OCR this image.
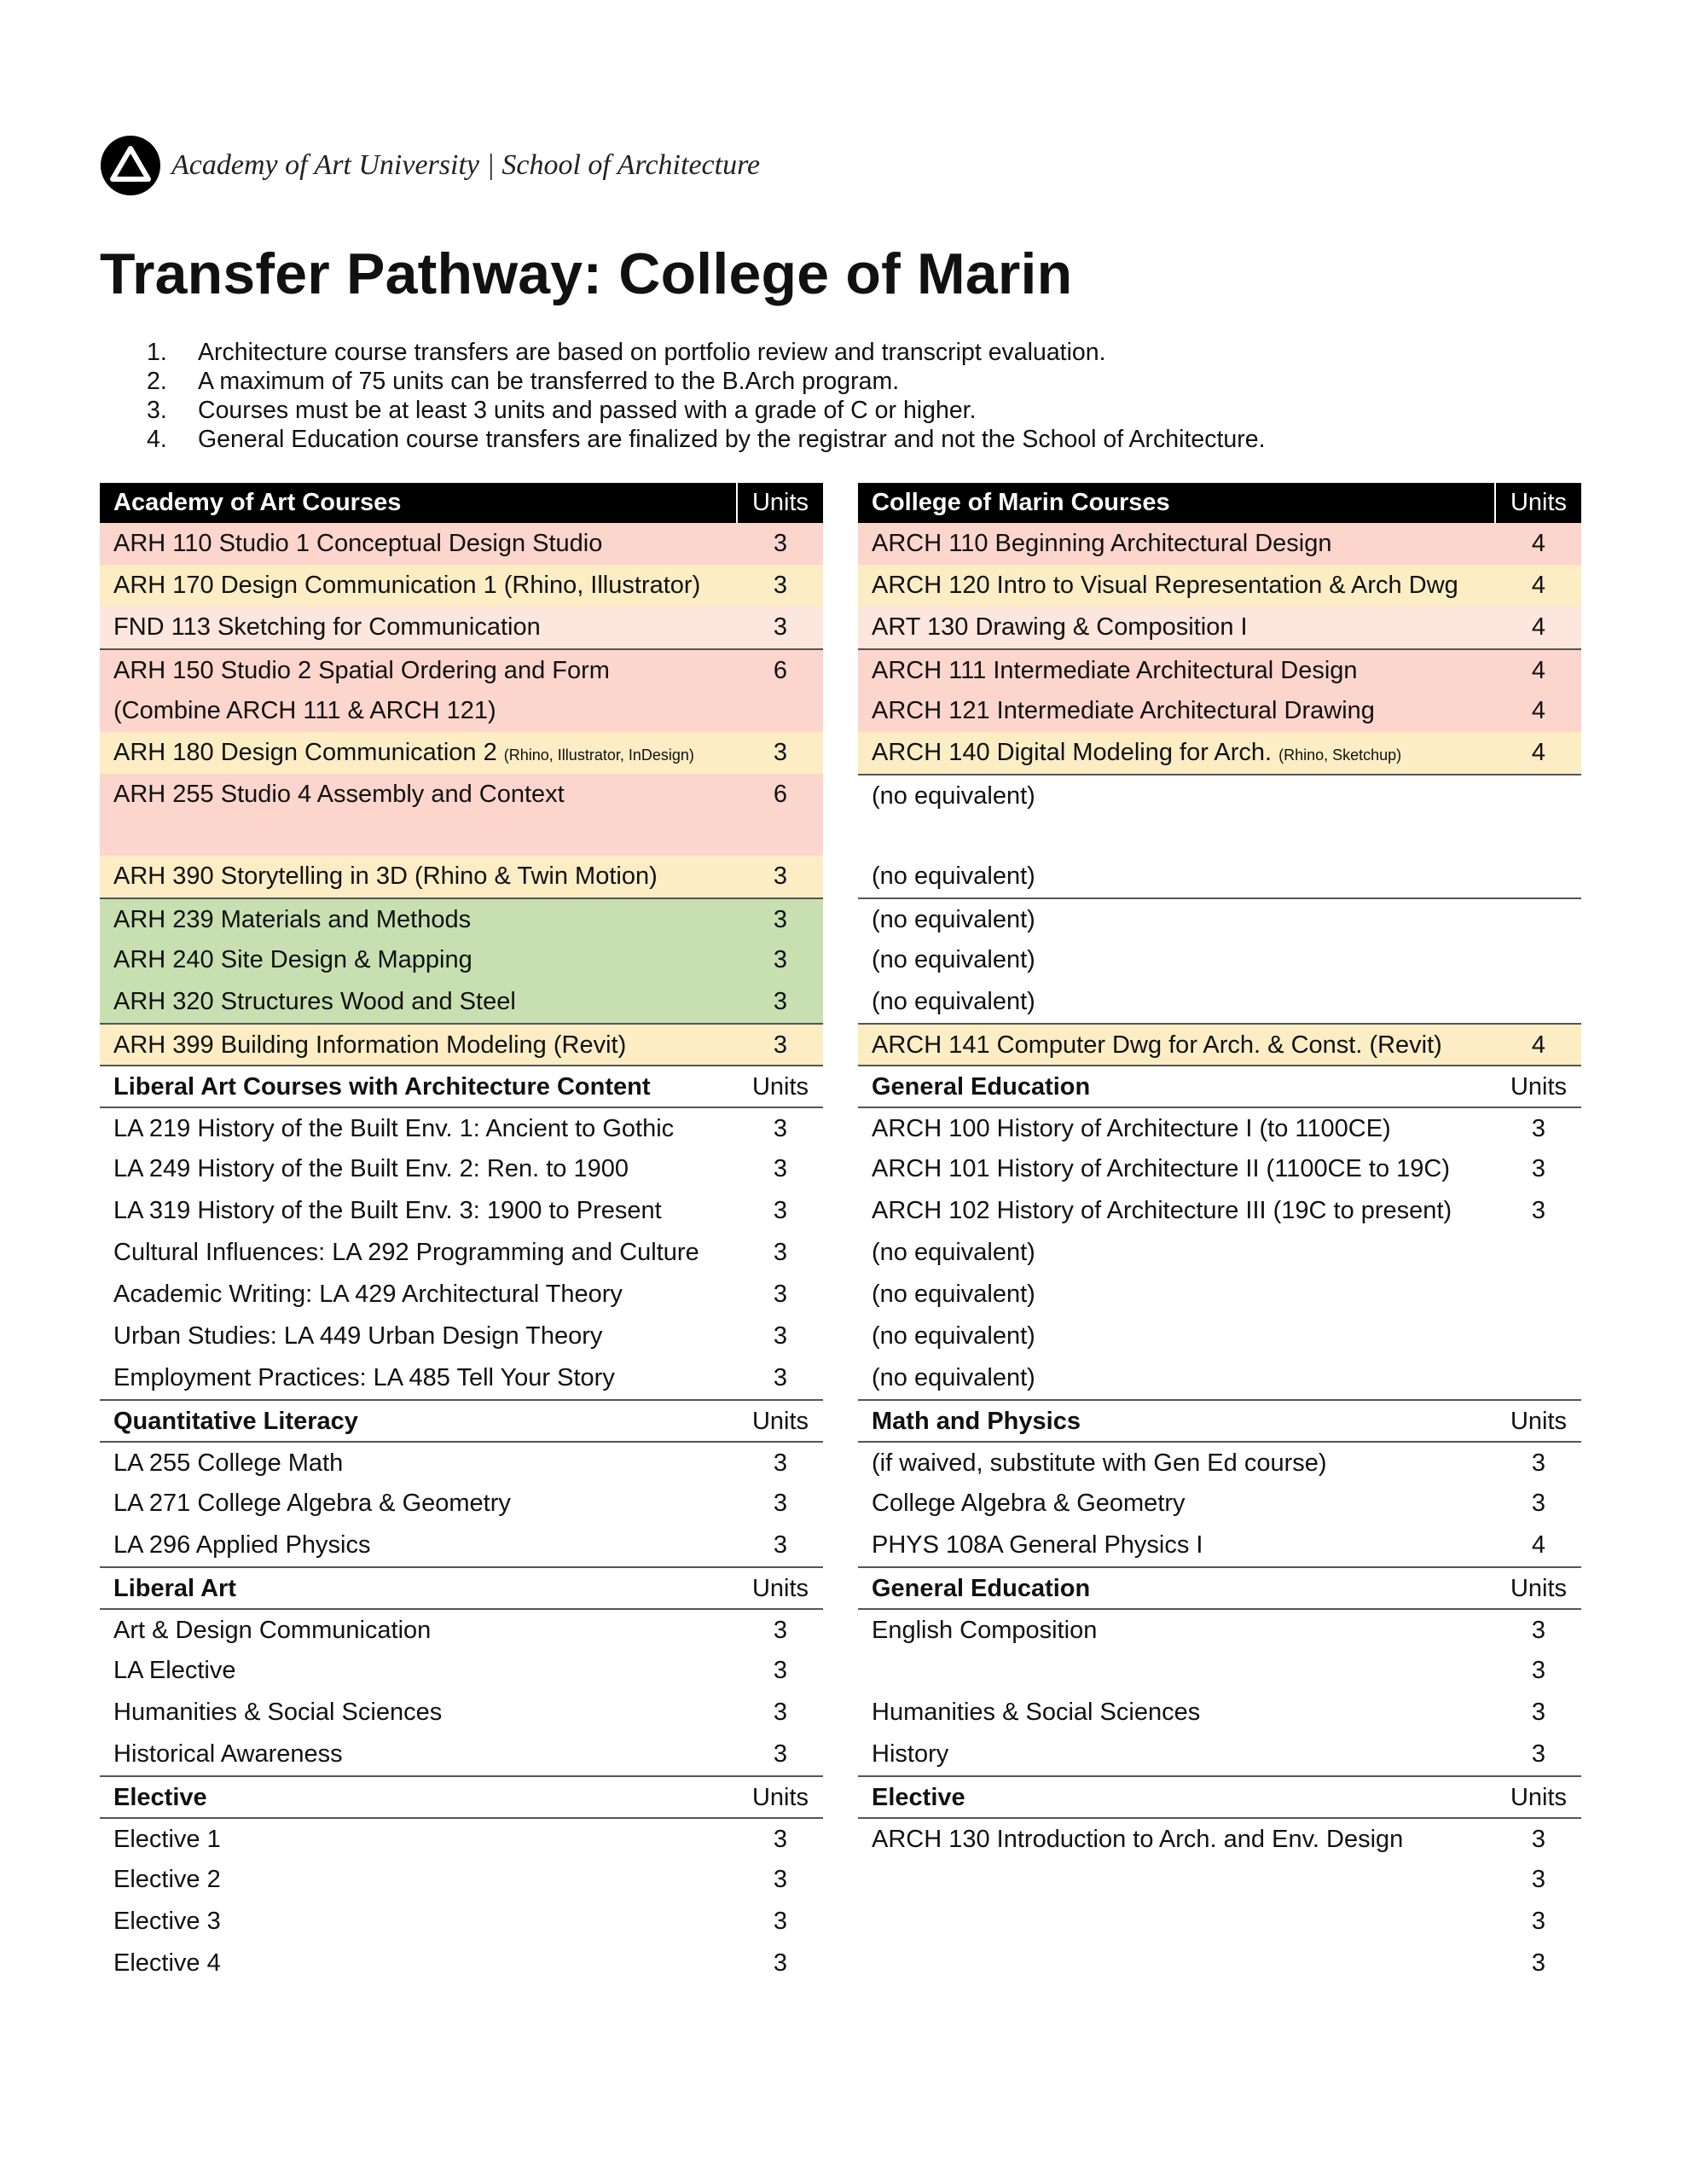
Academy of Art University | School of Architecture
Transfer Pathway: College of Marin
1.	Architecture course transfers are based on portfolio review and transcript evaluation.
2.	A maximum of 75 units can be transferred to the B.Arch program.
3.	Courses must be at least 3 units and passed with a grade of C or higher.
4.	General Education course transfers are finalized by the registrar and not the School of Architecture.
Academy of Art Courses	Units
ARH 110 Studio 1 Conceptual Design Studio	3
ARH 170 Design Communication 1 (Rhino, Illustrator)	3
FND 113 Sketching for Communication	3
ARH 150 Studio 2 Spatial Ordering and Form	6
(Combine ARCH 111 & ARCH 121)
ARH 180 Design Communication 2 (Rhino, Illustrator, InDesign)	3
ARH 255 Studio 4 Assembly and Context	6
ARH 390 Storytelling in 3D (Rhino & Twin Motion)	3
ARH 239 Materials and Methods	3
ARH 240 Site Design & Mapping	3
ARH 320 Structures Wood and Steel	3
ARH 399 Building Information Modeling (Revit)	3
Liberal Art Courses with Architecture Content	Units
LA 219 History of the Built Env. 1: Ancient to Gothic	3
LA 249 History of the Built Env. 2: Ren. to 1900	3
LA 319 History of the Built Env. 3: 1900 to Present	3
Cultural Influences: LA 292 Programming and Culture	3
Academic Writing: LA 429 Architectural Theory	3
Urban Studies: LA 449 Urban Design Theory	3
Employment Practices: LA 485 Tell Your Story	3
Quantitative Literacy	Units
LA 255 College Math	3
LA 271 College Algebra & Geometry	3
LA 296 Applied Physics	3
Liberal Art	Units
Art & Design Communication	3
LA Elective	3
Humanities & Social Sciences	3
Historical Awareness	3
Elective	Units
Elective 1	3
Elective 2	3
Elective 3	3
Elective 4	3
College of Marin Courses	Units
ARCH 110 Beginning Architectural Design	4
ARCH 120 Intro to Visual Representation & Arch Dwg	4
ART 130 Drawing & Composition I	4
ARCH 111 Intermediate Architectural Design	4
ARCH 121 Intermediate Architectural Drawing	4
ARCH 140 Digital Modeling for Arch. (Rhino, Sketchup)	4
(no equivalent)
(no equivalent)
(no equivalent)
(no equivalent)
(no equivalent)
ARCH 141 Computer Dwg for Arch. & Const. (Revit)	4
General Education	Units
ARCH 100 History of Architecture I (to 1100CE)	3
ARCH 101 History of Architecture II (1100CE to 19C)	3
ARCH 102 History of Architecture III (19C to present)	3
(no equivalent)
(no equivalent)
(no equivalent)
(no equivalent)
Math and Physics	Units
(if waived, substitute with Gen Ed course)	3
College Algebra & Geometry	3
PHYS 108A General Physics I	4
General Education	Units
English Composition	3
3
Humanities & Social Sciences	3
History	3
Elective	Units
ARCH 130 Introduction to Arch. and Env. Design	3
3
3
3
